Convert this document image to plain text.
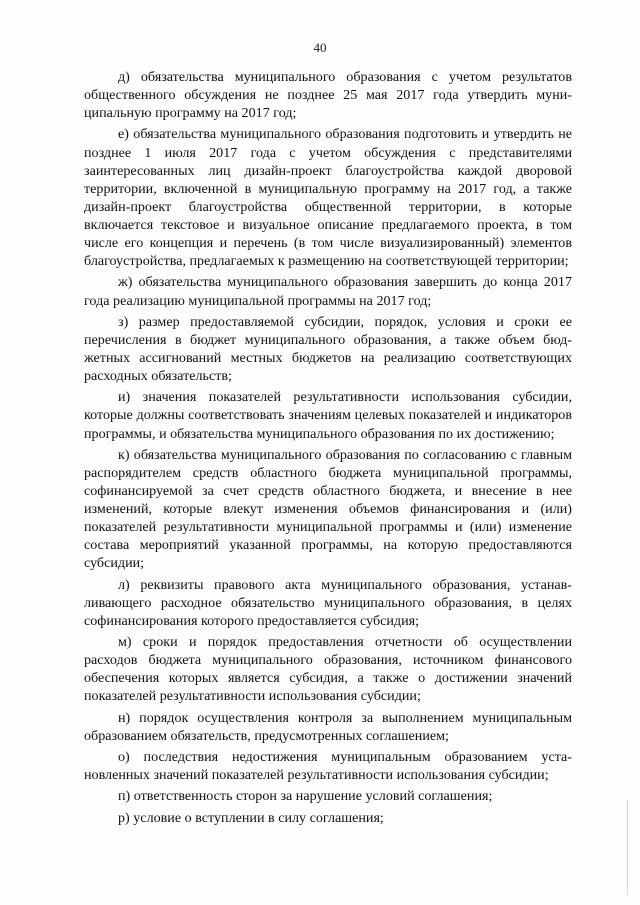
40

д) обязательства муниципального образования с учетом результатов общественного обсуждения не позднее 25 мая 2017 года утвердить муниципальную программу на 2017 год;

е) обязательства муниципального образования подготовить и утвердить не позднее 1 июля 2017 года с учетом обсуждения с представителями заинтересованных лиц дизайн-проект благоустройства каждой дворовой территории, включенной в муниципальную программу на 2017 год, а также дизайн-проект благоустройства общественной территории, в которые включается текстовое и визуальное описание предлагаемого проекта, в том числе его концепция и перечень (в том числе визуализированный) элементов благоустройства, предлагаемых к размещению на соответствующей территории;

ж) обязательства муниципального образования завершить до конца 2017 года реализацию муниципальной программы на 2017 год;

з) размер предоставляемой субсидии, порядок, условия и сроки ее перечисления в бюджет муниципального образования, а также объем бюджетных ассигнований местных бюджетов на реализацию соответствующих расходных обязательств;

и) значения показателей результативности использования субсидии, которые должны соответствовать значениям целевых показателей и индикаторов программы, и обязательства муниципального образования по их достижению;

к) обязательства муниципального образования по согласованию с главным распорядителем средств областного бюджета муниципальной программы, софинансируемой за счет средств областного бюджета, и внесение в нее изменений, которые влекут изменения объемов финансирования и (или) показателей результативности муниципальной программы и (или) изменение состава мероприятий указанной программы, на которую предоставляются субсидии;

л) реквизиты правового акта муниципального образования, устанавливающего расходное обязательство муниципального образования, в целях софинансирования которого предоставляется субсидия;

м) сроки и порядок предоставления отчетности об осуществлении расходов бюджета муниципального образования, источником финансового обеспечения которых является субсидия, а также о достижении значений показателей результативности использования субсидии;

н) порядок осуществления контроля за выполнением муниципальным образованием обязательств, предусмотренных соглашением;

о) последствия недостижения муниципальным образованием установленных значений показателей результативности использования субсидии;

п) ответственность сторон за нарушение условий соглашения;

р) условие о вступлении в силу соглашения;
